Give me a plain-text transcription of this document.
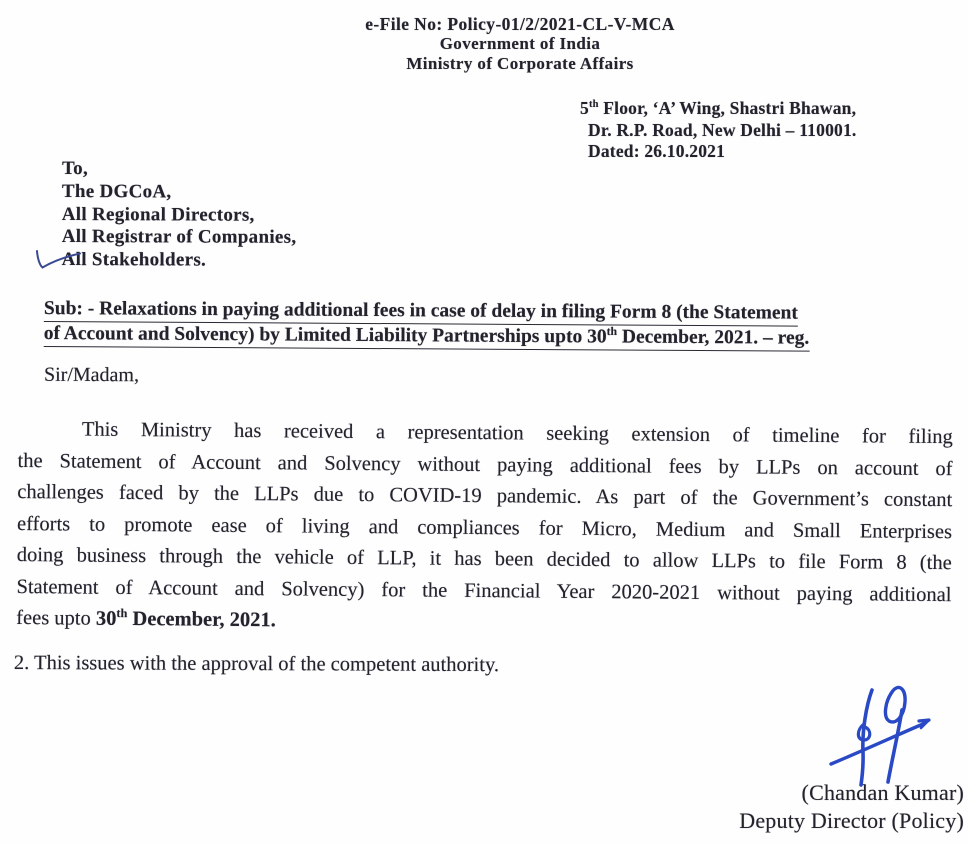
e-File No: Policy-01/2/2021-CL-V-MCA
Government of India
Ministry of Corporate Affairs
5th Floor, ‘A’ Wing, Shastri Bhawan,
Dr. R.P. Road, New Delhi – 110001.
Dated: 26.10.2021
To,
The DGCoA,
All Regional Directors,
All Registrar of Companies,
All Stakeholders.
Sub: - Relaxations in paying additional fees in case of delay in filing Form 8 (the Statement
of Account and Solvency) by Limited Liability Partnerships upto 30th December, 2021. – reg.
Sir/Madam,
This Ministry has received a representation seeking extension of timeline for filing
the Statement of Account and Solvency without paying additional fees by LLPs on account of
challenges faced by the LLPs due to COVID-19 pandemic. As part of the Government’s constant
efforts to promote ease of living and compliances for Micro, Medium and Small Enterprises
doing business through the vehicle of LLP, it has been decided to allow LLPs to file Form 8 (the
Statement of Account and Solvency) for the Financial Year 2020-2021 without paying additional
fees upto 30th December, 2021.
2. This issues with the approval of the competent authority.
(Chandan Kumar)
Deputy Director (Policy)
